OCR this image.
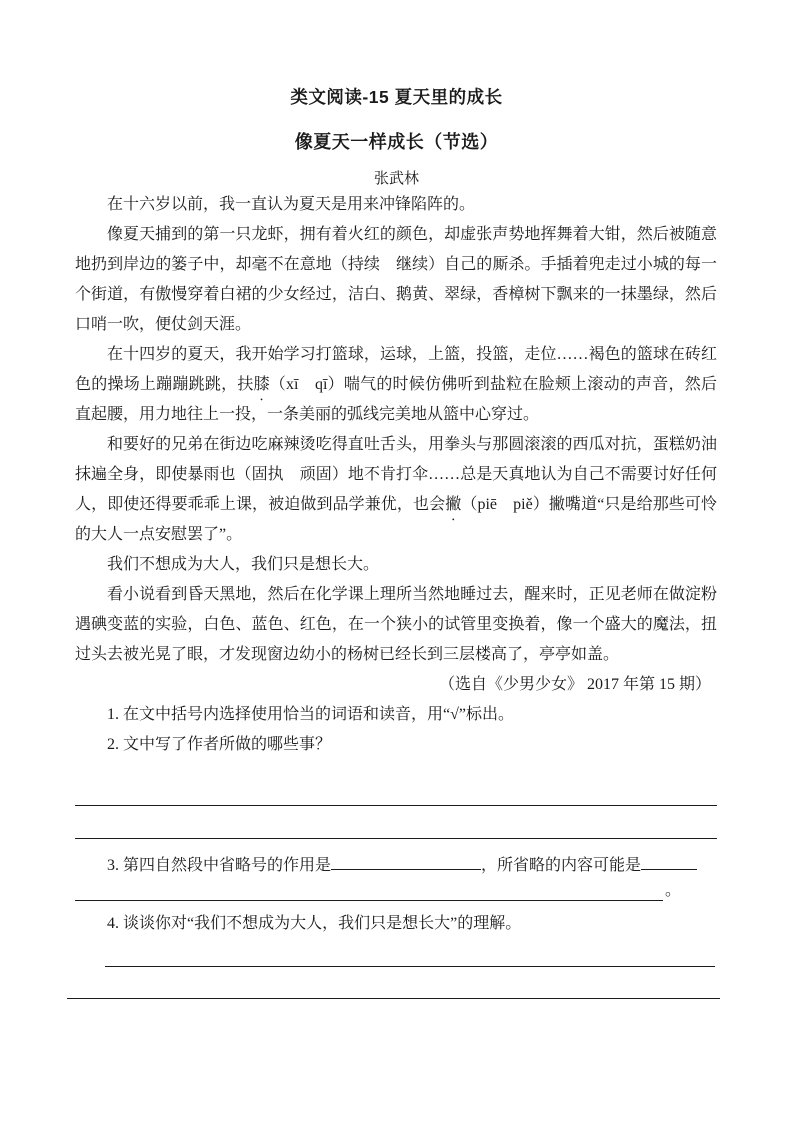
类文阅读-15 夏天里的成长
像夏天一样成长（节选）
张武林

在十六岁以前，我一直认为夏天是用来冲锋陷阵的。

像夏天捕到的第一只龙虾，拥有着火红的颜色，却虚张声势地挥舞着大钳，然后被随意地扔到岸边的篓子中，却毫不在意地（持续　继续）自己的厮杀。手插着兜走过小城的每一个街道，有傲慢穿着白裙的少女经过，洁白、鹅黄、翠绿，香樟树下飘来的一抹墨绿，然后口哨一吹，便仗剑天涯。

在十四岁的夏天，我开始学习打篮球，运球，上篮，投篮，走位……褐色的篮球在砖红色的操场上蹦蹦跳跳，扶膝（xī　qī）喘气的时候仿佛听到盐粒在脸颊上滚动的声音，然后直起腰，用力地往上一投，一条美丽的弧线完美地从篮中心穿过。

和要好的兄弟在街边吃麻辣烫吃得直吐舌头，用拳头与那圆滚滚的西瓜对抗，蛋糕奶油抹遍全身，即使暴雨也（固执　顽固）地不肯打伞……总是天真地认为自己不需要讨好任何人，即使还得要乖乖上课，被迫做到品学兼优，也会撇（piē　piě）撇嘴道“只是给那些可怜的大人一点安慰罢了”。

我们不想成为大人，我们只是想长大。

看小说看到昏天黑地，然后在化学课上理所当然地睡过去，醒来时，正见老师在做淀粉遇碘变蓝的实验，白色、蓝色、红色，在一个狭小的试管里变换着，像一个盛大的魔法，扭过头去被光晃了眼，才发现窗边幼小的杨树已经长到三层楼高了，亭亭如盖。

（选自《少男少女》 2017 年第 15 期）

1. 在文中括号内选择使用恰当的词语和读音，用“√”标出。

2. 文中写了作者所做的哪些事？

3. 第四自然段中省略号的作用是	，所省略的内容可能是

。

4. 谈谈你对“我们不想成为大人，我们只是想长大”的理解。
